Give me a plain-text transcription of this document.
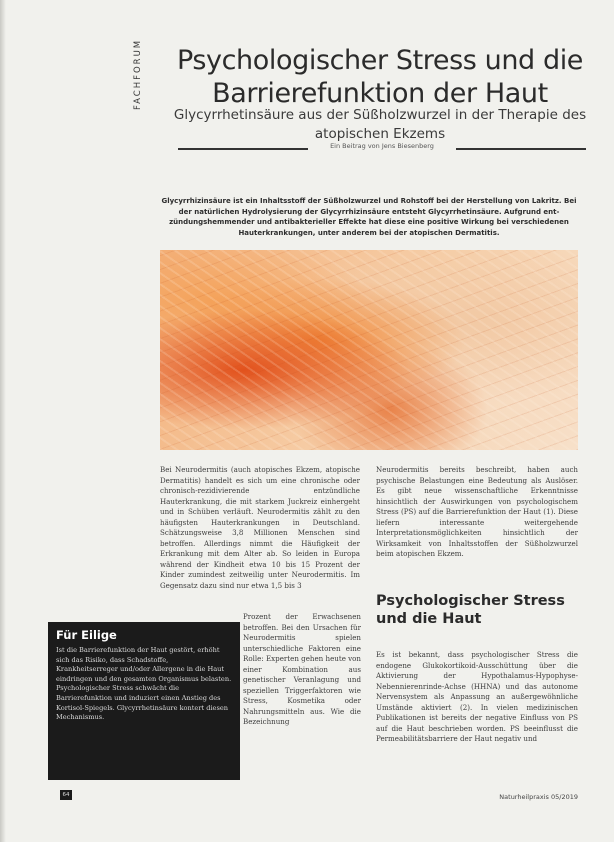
FACHFORUM	Psychologischer Stress und die Barrierefunktion der Haut
Glycyrrhetinsäure aus der Süßholzwurzel in der Therapie des atopischen Ekzems
Ein Beitrag von Jens Biesenberg

Glycyrrhizinsäure ist ein Inhaltsstoff der Süßholzwurzel und Rohstoff bei der Herstellung von Lakritz. Bei der natürlichen Hydrolysierung der Glycyrrhizinsäure entsteht Glycyrrhetinsäure. Aufgrund ent-zündungshemmender und antibakterieller Effekte hat diese eine positive Wirkung bei verschiedenen Hauterkrankungen, unter anderem bei der atopischen Dermatitis.

Bei Neurodermitis (auch atopisches Ekzem, atopische Dermatitis) handelt es sich um eine chronische oder chronisch-rezidivierende entzündliche Hauterkrankung, die mit starkem Juckreiz einhergeht und in Schüben verläuft. Neurodermitis zählt zu den häufigsten Hauterkrankungen in Deutschland. Schätzungsweise 3,8 Millionen Menschen sind betroffen. Allerdings nimmt die Häufigkeit der Erkrankung mit dem Alter ab. So leiden in Europa während der Kindheit etwa 10 bis 15 Prozent der Kinder zumindest zeitweilig unter Neurodermitis. Im Gegensatz dazu sind nur etwa 1,5 bis 3

Prozent der Erwachsenen betroffen. Bei den Ursachen für Neurodermitis spielen unterschiedliche Faktoren eine Rolle: Experten gehen heute von einer Kombination aus genetischer Veranlagung und speziellen Triggerfaktoren wie Stress, Kosmetika oder Nahrungsmitteln aus. Wie die Bezeichnung

Neurodermitis bereits beschreibt, haben auch psychische Belastungen eine Bedeutung als Auslöser. Es gibt neue wissenschaftliche Erkenntnisse hinsichtlich der Auswirkungen von psychologischem Stress (PS) auf die Barrierefunktion der Haut (1). Diese liefern interessante weitergehende Interpretationsmöglichkeiten hinsichtlich der Wirksamkeit von Inhaltsstoffen der Süßholzwurzel beim atopischen Ekzem.

Psychologischer Stress und die Haut

Es ist bekannt, dass psychologischer Stress die endogene Glukokortikoid-Ausschüttung über die Aktivierung der Hypothalamus-Hypophyse-Nebennierenrinde-Achse (HHNA) und das autonome Nervensystem als Anpassung an außergewöhnliche Umstände aktiviert (2). In vielen medizinischen Publikationen ist bereits der negative Einfluss von PS auf die Haut beschrieben worden. PS beeinflusst die Permeabilitätsbarriere der Haut negativ und

Für Eilige

Ist die Barrierefunktion der Haut gestört, erhöht sich das Risiko, dass Schadstoffe, Krankheitserreger und/oder Allergene in die Haut eindringen und den gesamten Organismus belasten. Psychologischer Stress schwächt die Barrierefunktion und induziert einen Anstieg des Kortisol-Spiegels. Glycyrrhetinsäure kontert diesen Mechanismus.

64	Naturheilpraxis 05/2019
